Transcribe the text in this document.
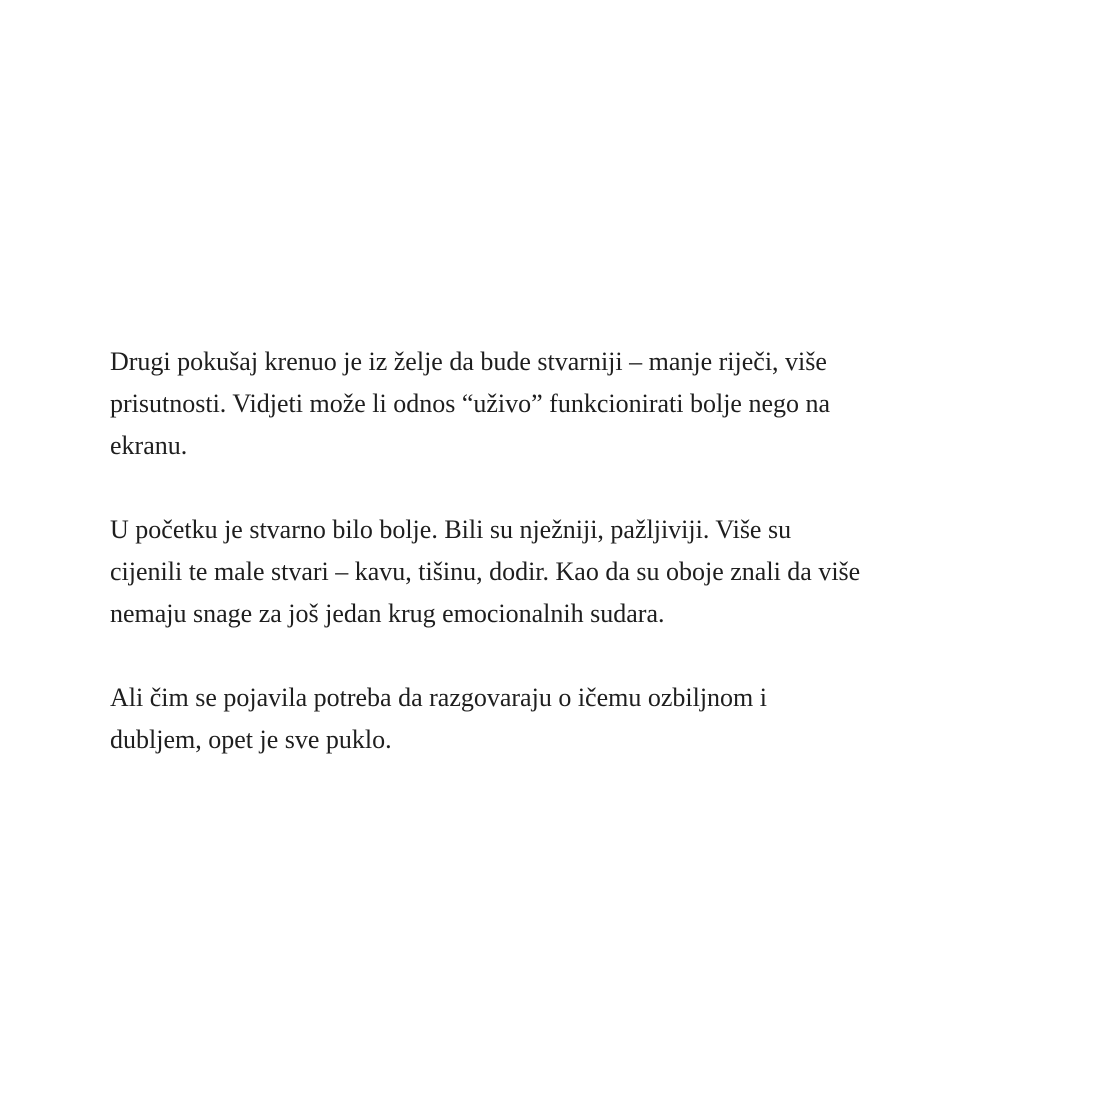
Drugi pokušaj krenuo je iz želje da bude stvarniji – manje riječi, više
prisutnosti. Vidjeti može li odnos “uživo” funkcionirati bolje nego na
ekranu.

U početku je stvarno bilo bolje. Bili su nježniji, pažljiviji. Više su
cijenili te male stvari – kavu, tišinu, dodir. Kao da su oboje znali da više
nemaju snage za još jedan krug emocionalnih sudara.

Ali čim se pojavila potreba da razgovaraju o ičemu ozbiljnom i
dubljem, opet je sve puklo.
